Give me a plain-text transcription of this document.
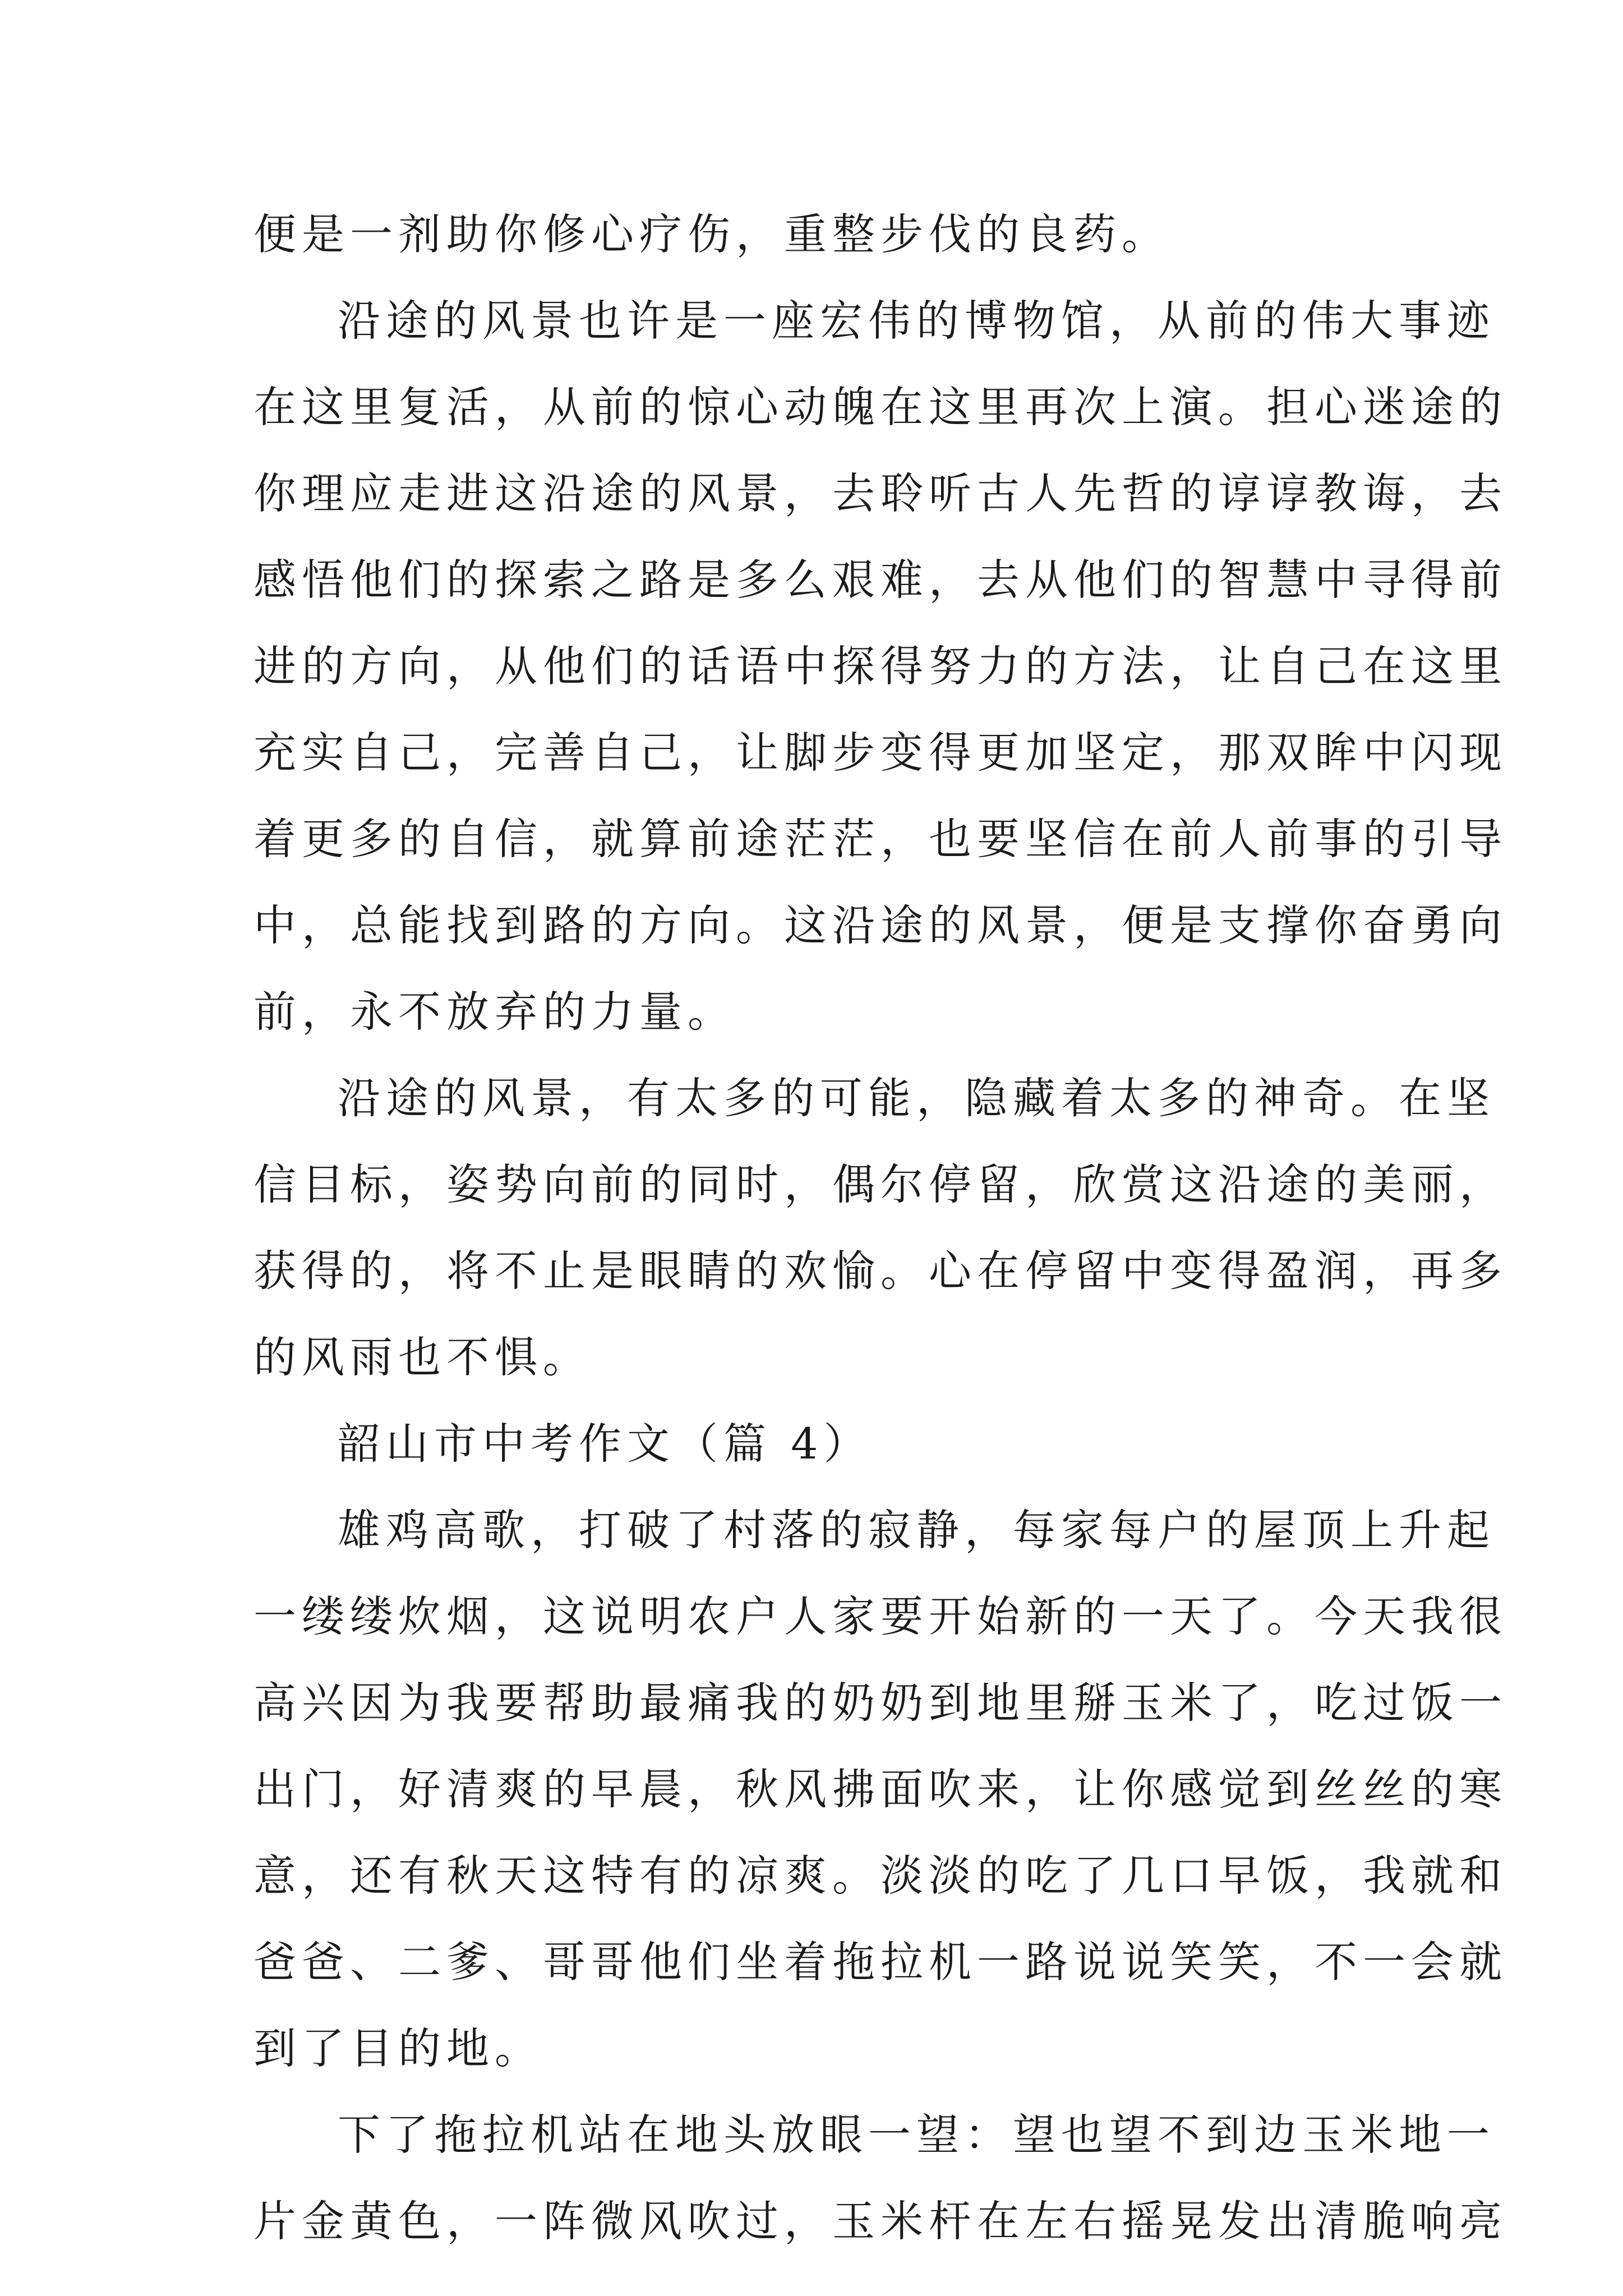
便是一剂助你修心疗伤，重整步伐的良药。

沿途的风景也许是一座宏伟的博物馆，从前的伟大事迹

在这里复活，从前的惊心动魄在这里再次上演。担心迷途的

你理应走进这沿途的风景，去聆听古人先哲的谆谆教诲，去

感悟他们的探索之路是多么艰难，去从他们的智慧中寻得前

进的方向，从他们的话语中探得努力的方法，让自己在这里

充实自己，完善自己，让脚步变得更加坚定，那双眸中闪现

着更多的自信，就算前途茫茫，也要坚信在前人前事的引导

中，总能找到路的方向。这沿途的风景，便是支撑你奋勇向

前，永不放弃的力量。

沿途的风景，有太多的可能，隐藏着太多的神奇。在坚

信目标，姿势向前的同时，偶尔停留，欣赏这沿途的美丽，

获得的，将不止是眼睛的欢愉。心在停留中变得盈润，再多

的风雨也不惧。

韶山市中考作文（篇 4）

雄鸡高歌，打破了村落的寂静，每家每户的屋顶上升起

一缕缕炊烟，这说明农户人家要开始新的一天了。今天我很

高兴因为我要帮助最痛我的奶奶到地里掰玉米了，吃过饭一

出门，好清爽的早晨，秋风拂面吹来，让你感觉到丝丝的寒

意，还有秋天这特有的凉爽。淡淡的吃了几口早饭，我就和

爸爸、二爹、哥哥他们坐着拖拉机一路说说笑笑，不一会就

到了目的地。

下了拖拉机站在地头放眼一望：望也望不到边玉米地一

片金黄色，一阵微风吹过，玉米杆在左右摇晃发出清脆响亮
